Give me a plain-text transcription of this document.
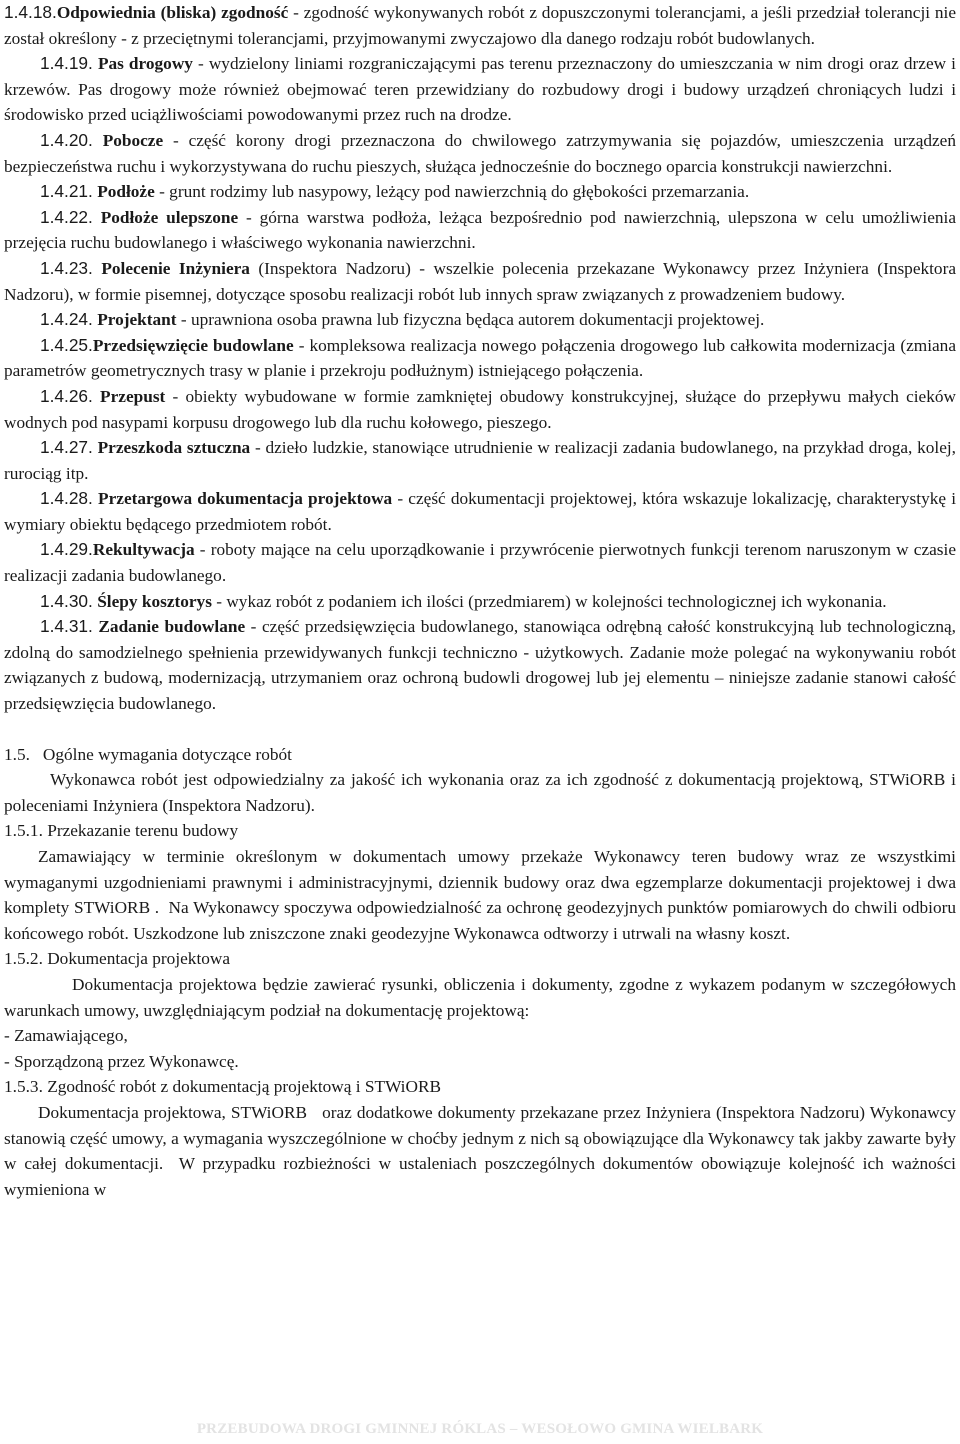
1.4.18.Odpowiednia (bliska) zgodność - zgodność wykonywanych robót z dopuszczonymi tolerancjami, a jeśli przedział tolerancji nie został określony - z przeciętnymi tolerancjami, przyjmowanymi zwyczajowo dla danego rodzaju robót budowlanych.

1.4.19. Pas drogowy - wydzielony liniami rozgraniczającymi pas terenu przeznaczony do umieszczania w nim drogi oraz drzew i krzewów. Pas drogowy może również obejmować teren przewidziany do rozbudowy drogi i budowy urządzeń chroniących ludzi i środowisko przed uciążliwościami powodowanymi przez ruch na drodze.

1.4.20. Pobocze - część korony drogi przeznaczona do chwilowego zatrzymywania się pojazdów, umieszczenia urządzeń bezpieczeństwa ruchu i wykorzystywana do ruchu pieszych, służąca jednocześnie do bocznego oparcia konstrukcji nawierzchni.

1.4.21. Podłoże - grunt rodzimy lub nasypowy, leżący pod nawierzchnią do głębokości przemarzania.

1.4.22. Podłoże ulepszone - górna warstwa podłoża, leżąca bezpośrednio pod nawierzchnią, ulepszona w celu umożliwienia przejęcia ruchu budowlanego i właściwego wykonania nawierzchni.

1.4.23. Polecenie Inżyniera (Inspektora Nadzoru) - wszelkie polecenia przekazane Wykonawcy przez Inżyniera (Inspektora Nadzoru), w formie pisemnej, dotyczące sposobu realizacji robót lub innych spraw związanych z prowadzeniem budowy.

1.4.24. Projektant - uprawniona osoba prawna lub fizyczna będąca autorem dokumentacji projektowej.

1.4.25.Przedsięwzięcie budowlane - kompleksowa realizacja nowego połączenia drogowego lub całkowita modernizacja (zmiana parametrów geometrycznych trasy w planie i przekroju podłużnym) istniejącego połączenia.

1.4.26. Przepust - obiekty wybudowane w formie zamkniętej obudowy konstrukcyjnej, służące do przepływu małych cieków wodnych pod nasypami korpusu drogowego lub dla ruchu kołowego, pieszego.

1.4.27. Przeszkoda sztuczna - dzieło ludzkie, stanowiące utrudnienie w realizacji zadania budowlanego, na przykład droga, kolej, rurociąg itp.

1.4.28. Przetargowa dokumentacja projektowa - część dokumentacji projektowej, która wskazuje lokalizację, charakterystykę i wymiary obiektu będącego przedmiotem robót.

1.4.29.Rekultywacja - roboty mające na celu uporządkowanie i przywrócenie pierwotnych funkcji terenom naruszonym w czasie realizacji zadania budowlanego.

1.4.30. Ślepy kosztorys - wykaz robót z podaniem ich ilości (przedmiarem) w kolejności technologicznej ich wykonania.

1.4.31. Zadanie budowlane - część przedsięwzięcia budowlanego, stanowiąca odrębną całość konstrukcyjną lub technologiczną, zdolną do samodzielnego spełnienia przewidywanych funkcji techniczno - użytkowych. Zadanie może polegać na wykonywaniu robót związanych z budową, modernizacją, utrzymaniem oraz ochroną budowli drogowej lub jej elementu – niniejsze zadanie stanowi całość przedsięwzięcia budowlanego.

1.5.   Ogólne wymagania dotyczące robót

Wykonawca robót jest odpowiedzialny za jakość ich wykonania oraz za ich zgodność z dokumentacją projektową, STWiORB i poleceniami Inżyniera (Inspektora Nadzoru).

1.5.1. Przekazanie terenu budowy

Zamawiający w terminie określonym w dokumentach umowy przekaże Wykonawcy teren budowy wraz ze wszystkimi wymaganymi uzgodnieniami prawnymi i administracyjnymi, dziennik budowy oraz dwa egzemplarze dokumentacji projektowej i dwa komplety STWiORB .  Na Wykonawcy spoczywa odpowiedzialność za ochronę geodezyjnych punktów pomiarowych do chwili odbioru końcowego robót. Uszkodzone lub zniszczone znaki geodezyjne Wykonawca odtworzy i utrwali na własny koszt.

1.5.2. Dokumentacja projektowa

Dokumentacja projektowa będzie zawierać rysunki, obliczenia i dokumenty, zgodne z wykazem podanym w szczegółowych warunkach umowy, uwzględniającym podział na dokumentację projektową:

- Zamawiającego,

- Sporządzoną przez Wykonawcę.

1.5.3. Zgodność robót z dokumentacją projektową i STWiORB

Dokumentacja projektowa, STWiORB   oraz dodatkowe dokumenty przekazane przez Inżyniera (Inspektora Nadzoru) Wykonawcy stanowią część umowy, a wymagania wyszczególnione w choćby jednym z nich są obowiązujące dla Wykonawcy tak jakby zawarte były w całej dokumentacji.  W przypadku rozbieżności w ustaleniach poszczególnych dokumentów obowiązuje kolejność ich ważności wymieniona w

PRZEBUDOWA DROGI GMINNEJ RÓKLAS – WESOŁOWO GMINA WIELBARK
